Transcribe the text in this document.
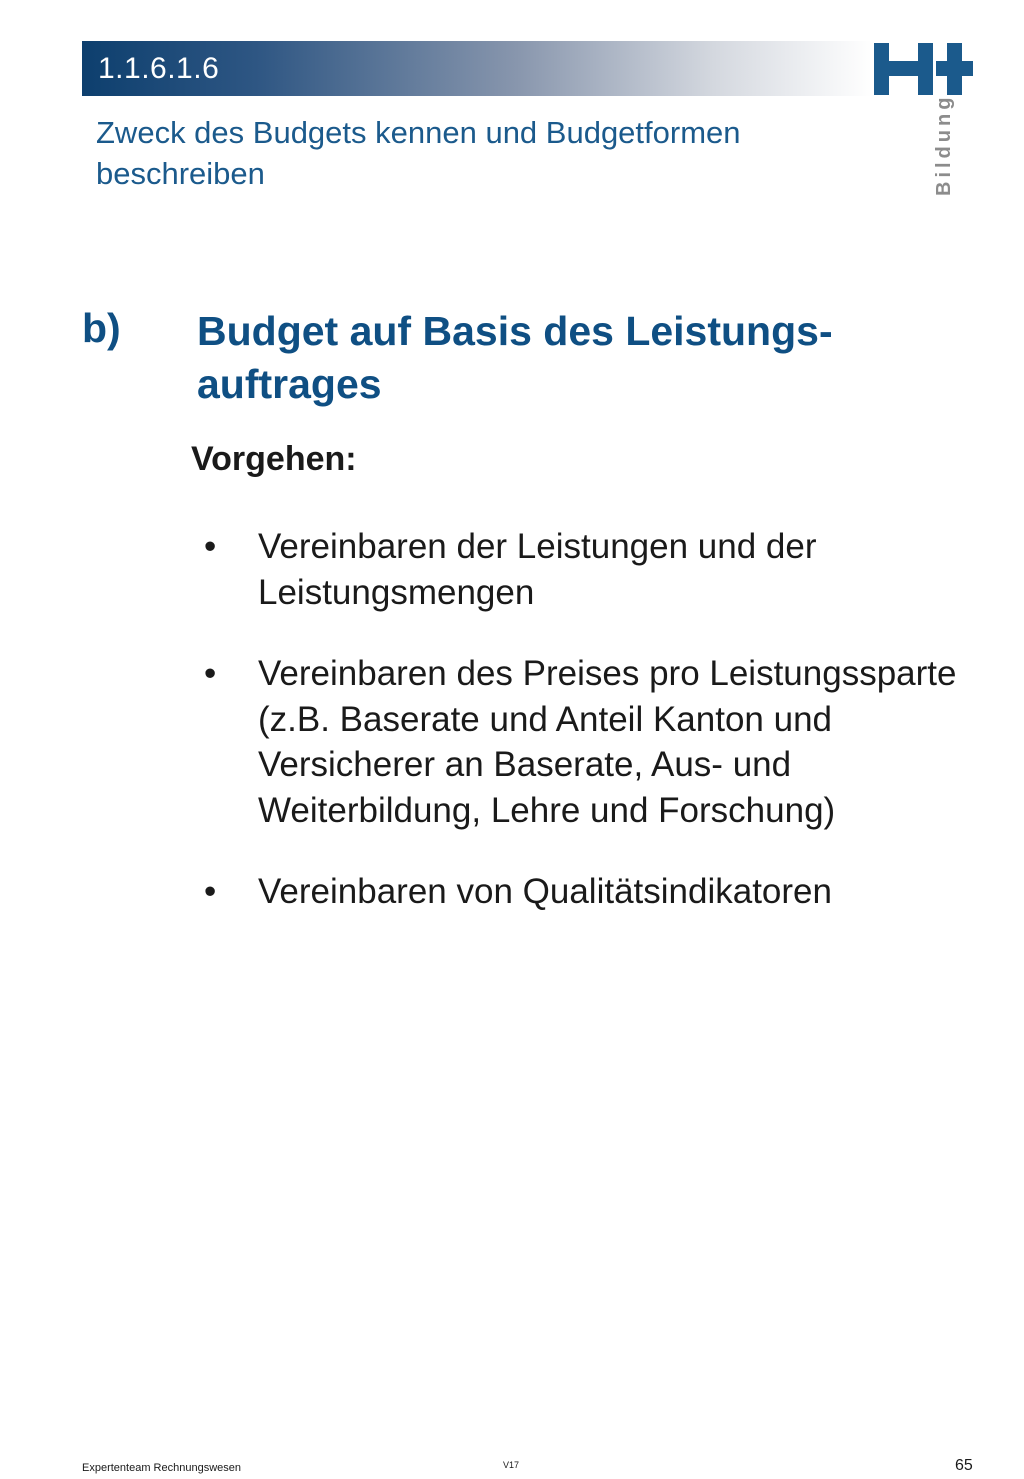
1.1.6.1.6
Zweck des Budgets kennen und Budgetformen beschreiben	Bildung
b) Budget auf Basis des Leistungs-auftrages
Vorgehen:
• Vereinbaren der Leistungen und der Leistungsmengen
• Vereinbaren des Preises pro Leistungssparte (z.B. Baserate und Anteil Kanton und Versicherer an Baserate, Aus- und Weiterbildung, Lehre und Forschung)
• Vereinbaren von Qualitätsindikatoren
Expertenteam Rechnungswesen	V17	65
